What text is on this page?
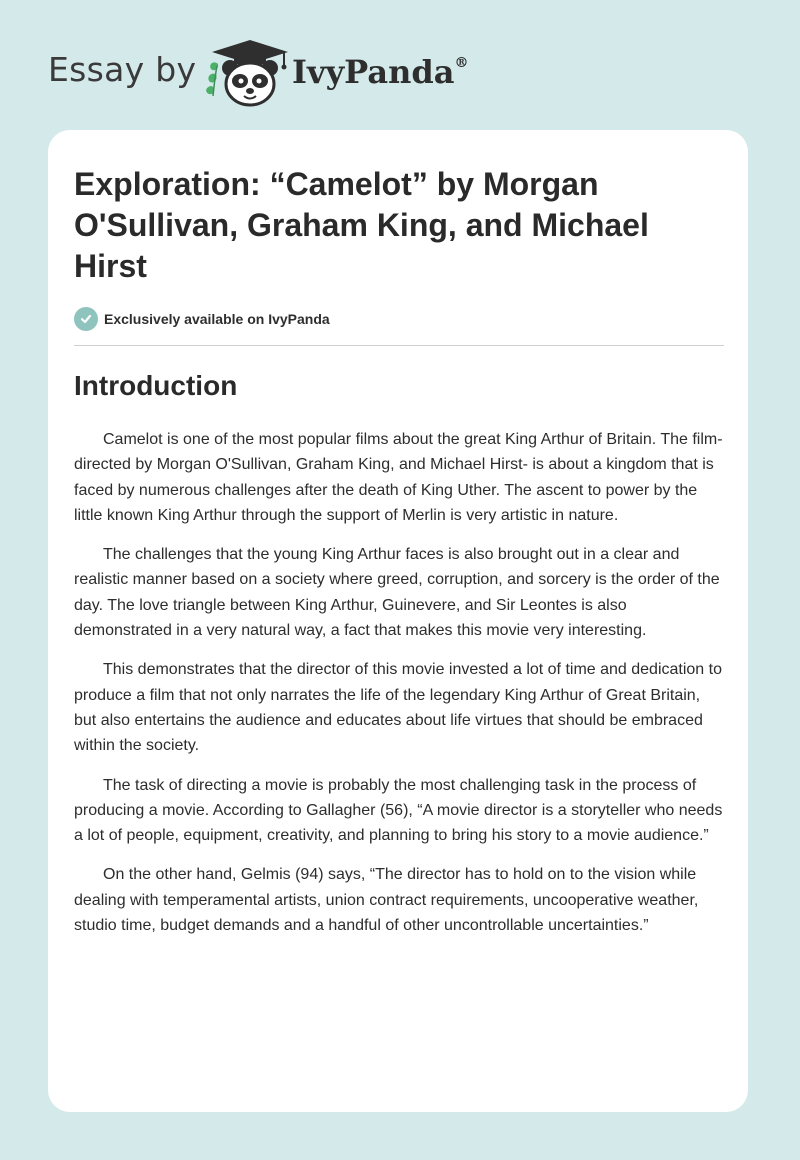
Essay by	IvyPanda®
Exploration: “Camelot” by Morgan O'Sullivan, Graham King, and Michael Hirst
Exclusively available on IvyPanda
Introduction

Camelot is one of the most popular films about the great King Arthur of Britain. The film- directed by Morgan O'Sullivan, Graham King, and Michael Hirst- is about a kingdom that is faced by numerous challenges after the death of King Uther. The ascent to power by the little known King Arthur through the support of Merlin is very artistic in nature.

The challenges that the young King Arthur faces is also brought out in a clear and realistic manner based on a society where greed, corruption, and sorcery is the order of the day. The love triangle between King Arthur, Guinevere, and Sir Leontes is also demonstrated in a very natural way, a fact that makes this movie very interesting.

This demonstrates that the director of this movie invested a lot of time and dedication to produce a film that not only narrates the life of the legendary King Arthur of Great Britain, but also entertains the audience and educates about life virtues that should be embraced within the society.

The task of directing a movie is probably the most challenging task in the process of producing a movie. According to Gallagher (56), “A movie director is a storyteller who needs a lot of people, equipment, creativity, and planning to bring his story to a movie audience.”

On the other hand, Gelmis (94) says, “The director has to hold on to the vision while dealing with temperamental artists, union contract requirements, uncooperative weather, studio time, budget demands and a handful of other uncontrollable uncertainties.”
